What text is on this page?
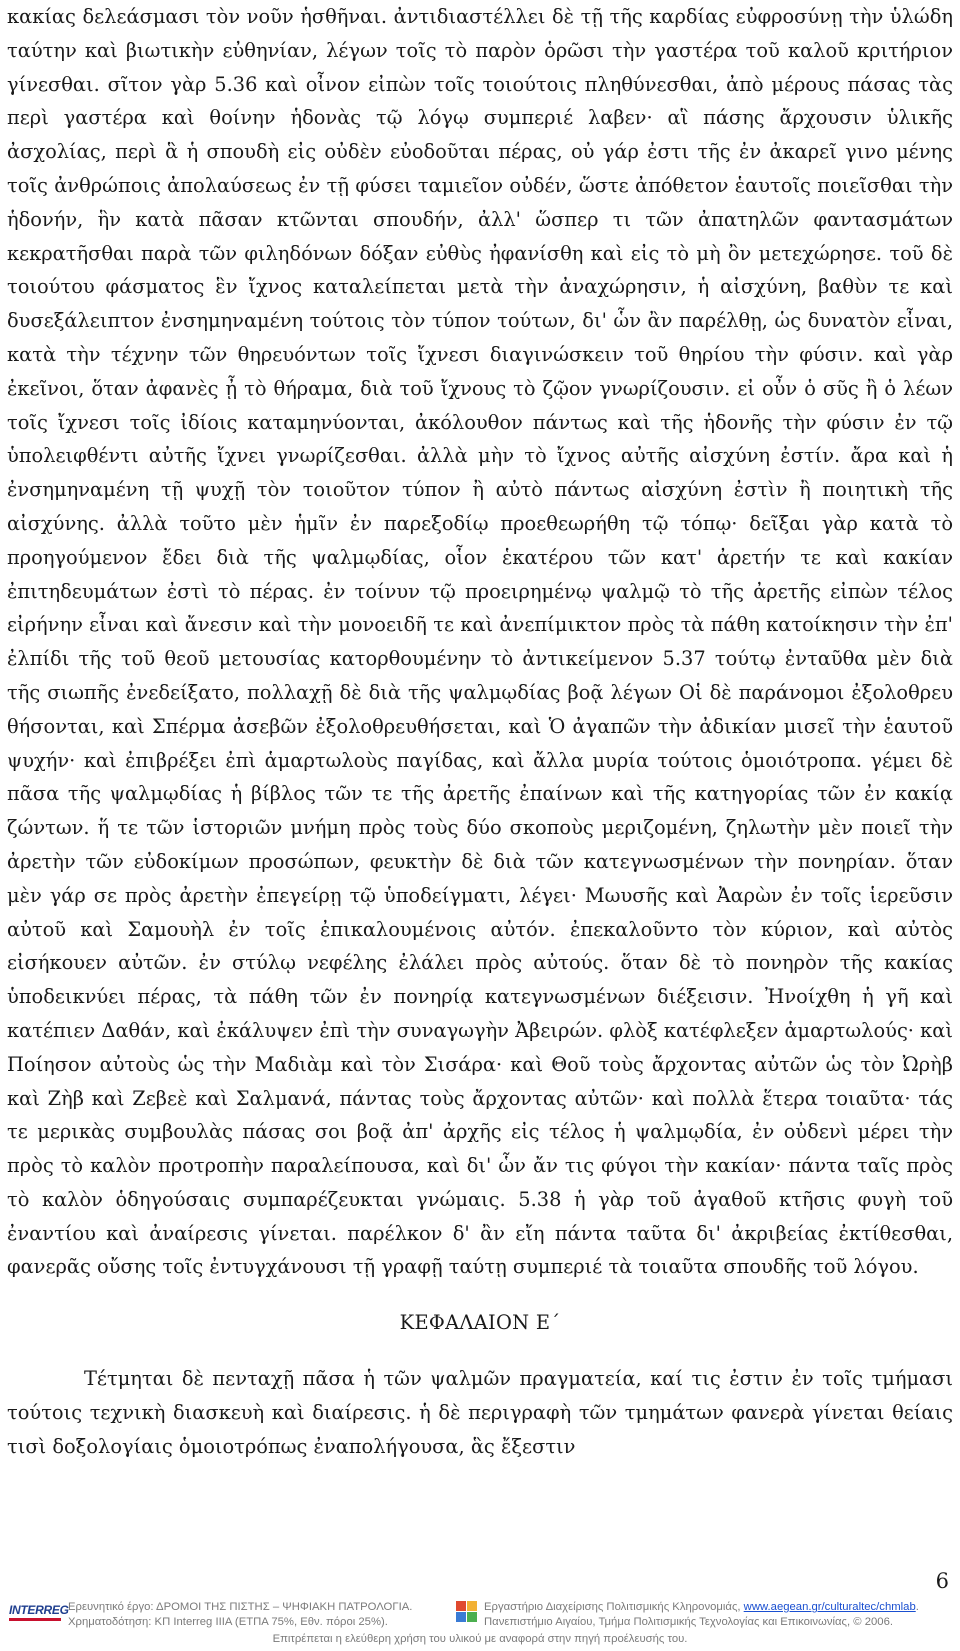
κακίας δελεάσμασι τὸν νοῦν ἡσθῆναι. ἀντιδιαστέλλει δὲ τῇ τῆς καρδίας εὐφροσύνῃ τὴν ὑλώδη ταύτην καὶ βιωτικὴν εὐθηνίαν, λέγων τοῖς τὸ παρὸν ὁρῶσι τὴν γαστέρα τοῦ καλοῦ κριτήριον γίνεσθαι. σῖτον γὰρ 5.36 καὶ οἶνον εἰπὼν τοῖς τοιούτοις πληθύνεσθαι, ἀπὸ μέρους πάσας τὰς περὶ γαστέρα καὶ θοίνην ἡδονὰς τῷ λόγῳ συμπεριέ λαβεν· αἳ πάσης ἄρχουσιν ὑλικῆς ἀσχολίας, περὶ ἃ ἡ σπουδὴ εἰς οὐδὲν εὐοδοῦται πέρας, οὐ γάρ ἐστι τῆς ἐν ἀκαρεῖ γινο μένης τοῖς ἀνθρώποις ἀπολαύσεως ἐν τῇ φύσει ταμιεῖον οὐδέν, ὥστε ἀπόθετον ἑαυτοῖς ποιεῖσθαι τὴν ἡδονήν, ἣν κατὰ πᾶσαν κτῶνται σπουδήν, ἀλλ' ὥσπερ τι τῶν ἀπατηλῶν φαντασμάτων κεκρατῆσθαι παρὰ τῶν φιληδόνων δόξαν εὐθὺς ἠφανίσθη καὶ εἰς τὸ μὴ ὂν μετεχώρησε. τοῦ δὲ τοιούτου φάσματος ἓν ἴχνος καταλείπεται μετὰ τὴν ἀναχώρησιν, ἡ αἰσχύνη, βαθὺν τε καὶ δυσεξάλειπτον ἐνσημηναμένη τούτοις τὸν τύπον τούτων, δι' ὧν ἂν παρέλθῃ, ὡς δυνατὸν εἶναι, κατὰ τὴν τέχνην τῶν θηρευόντων τοῖς ἴχνεσι διαγινώσκειν τοῦ θηρίου τὴν φύσιν. καὶ γὰρ ἐκεῖνοι, ὅταν ἀφανὲς ᾖ τὸ θήραμα, διὰ τοῦ ἴχνους τὸ ζῷον γνωρίζουσιν. εἰ οὖν ὁ σῦς ἢ ὁ λέων τοῖς ἴχνεσι τοῖς ἰδίοις καταμηνύονται, ἀκόλουθον πάντως καὶ τῆς ἡδονῆς τὴν φύσιν ἐν τῷ ὑπολειφθέντι αὐτῆς ἴχνει γνωρίζεσθαι. ἀλλὰ μὴν τὸ ἴχνος αὐτῆς αἰσχύνη ἐστίν. ἄρα καὶ ἡ ἐνσημηναμένη τῇ ψυχῇ τὸν τοιοῦτον τύπον ἢ αὐτὸ πάντως αἰσχύνη ἐστὶν ἢ ποιητικὴ τῆς αἰσχύνης. ἀλλὰ τοῦτο μὲν ἡμῖν ἐν παρεξοδίῳ προεθεωρήθη τῷ τόπῳ· δεῖξαι γὰρ κατὰ τὸ προηγούμενον ἔδει διὰ τῆς ψαλμῳδίας, οἷον ἑκατέρου τῶν κατ' ἀρετήν τε καὶ κακίαν ἐπιτηδευμάτων ἐστὶ τὸ πέρας. ἐν τοίνυν τῷ προειρημένῳ ψαλμῷ τὸ τῆς ἀρετῆς εἰπὼν τέλος εἰρήνην εἶναι καὶ ἄνεσιν καὶ τὴν μονοειδῆ τε καὶ ἀνεπίμικτον πρὸς τὰ πάθη κατοίκησιν τὴν ἐπ' ἐλπίδι τῆς τοῦ θεοῦ μετουσίας κατορθουμένην τὸ ἀντικείμενον 5.37 τούτῳ ἐνταῦθα μὲν διὰ τῆς σιωπῆς ἐνεδείξατο, πολλαχῇ δὲ διὰ τῆς ψαλμῳδίας βοᾷ λέγων Οἱ δὲ παράνομοι ἐξολοθρευ θήσονται, καὶ Σπέρμα ἀσεβῶν ἐξολοθρευθήσεται, καὶ Ὁ ἀγαπῶν τὴν ἀδικίαν μισεῖ τὴν ἑαυτοῦ ψυχήν· καὶ ἐπιβρέξει ἐπὶ ἁμαρτωλοὺς παγίδας, καὶ ἄλλα μυρία τούτοις ὁμοιότροπα. γέμει δὲ πᾶσα τῆς ψαλμῳδίας ἡ βίβλος τῶν τε τῆς ἀρετῆς ἐπαίνων καὶ τῆς κατηγορίας τῶν ἐν κακίᾳ ζώντων. ἥ τε τῶν ἱστοριῶν μνήμη πρὸς τοὺς δύο σκοποὺς μεριζομένη, ζηλωτὴν μὲν ποιεῖ τὴν ἀρετὴν τῶν εὐδοκίμων προσώπων, φευκτὴν δὲ διὰ τῶν κατεγνωσμένων τὴν πονηρίαν. ὅταν μὲν γάρ σε πρὸς ἀρετὴν ἐπεγείρῃ τῷ ὑποδείγματι, λέγει· Μωυσῆς καὶ Ἀαρὼν ἐν τοῖς ἱερεῦσιν αὐτοῦ καὶ Σαμουὴλ ἐν τοῖς ἐπικαλουμένοις αὐτόν. ἐπεκαλοῦντο τὸν κύριον, καὶ αὐτὸς εἰσήκουεν αὐτῶν. ἐν στύλῳ νεφέλης ἐλάλει πρὸς αὐτούς. ὅταν δὲ τὸ πονηρὸν τῆς κακίας ὑποδεικνύει πέρας, τὰ πάθη τῶν ἐν πονηρίᾳ κατεγνωσμένων διέξεισιν. Ἠνοίχθη ἡ γῆ καὶ κατέπιεν Δαθάν, καὶ ἐκάλυψεν ἐπὶ τὴν συναγωγὴν Ἀβειρών. φλὸξ κατέφλεξεν ἁμαρτωλούς· καὶ Ποίησον αὐτοὺς ὡς τὴν Μαδιὰμ καὶ τὸν Σισάρα· καὶ Θοῦ τοὺς ἄρχοντας αὐτῶν ὡς τὸν Ὠρὴβ καὶ Ζὴβ καὶ Ζεβεὲ καὶ Σαλμανά, πάντας τοὺς ἄρχοντας αὐτῶν· καὶ πολλὰ ἕτερα τοιαῦτα· τάς τε μερικὰς συμβουλὰς πάσας σοι βοᾷ ἀπ' ἀρχῆς εἰς τέλος ἡ ψαλμῳδία, ἐν οὐδενὶ μέρει τὴν πρὸς τὸ καλὸν προτροπὴν παραλείπουσα, καὶ δι' ὧν ἄν τις φύγοι τὴν κακίαν· πάντα ταῖς πρὸς τὸ καλὸν ὁδηγούσαις συμπαρέζευκται γνώμαις. 5.38 ἡ γὰρ τοῦ ἀγαθοῦ κτῆσις φυγὴ τοῦ ἐναντίου καὶ ἀναίρεσις γίνεται. παρέλκον δ' ἂν εἴη πάντα ταῦτα δι' ἀκριβείας ἐκτίθεσθαι, φανερᾶς οὔσης τοῖς ἐντυγχάνουσι τῇ γραφῇ ταύτῃ συμπεριέ τὰ τοιαῦτα σπουδῆς τοῦ λόγου.

ΚΕΦΑΛΑΙΟΝ Ε΄

Τέτμηται δὲ πενταχῇ πᾶσα ἡ τῶν ψαλμῶν πραγματεία, καί τις ἐστιν ἐν τοῖς τμήμασι τούτοις τεχνικὴ διασκευὴ καὶ διαίρεσις. ἡ δὲ περιγραφὴ τῶν τμημάτων φανερὰ γίνεται θείαις τισὶ δοξολογίαις ὁμοιοτρόπως ἐναπολήγουσα, ἃς ἔξεστιν

6
INTERREG Ερευνητικό έργο: ΔΡΟΜΟΙ ΤΗΣ ΠΙΣΤΗΣ – ΨΗΦΙΑΚΗ ΠΑΤΡΟΛΟΓΙΑ.
Χρηματοδότηση: ΚΠ Interreg IIIA (ΕΤΠΑ 75%, Εθν. πόροι 25%).
Εργαστήριο Διαχείρισης Πολιτισμικής Κληρονομιάς, www.aegean.gr/culturaltec/chmlab.
Πανεπιστήμιο Αιγαίου, Τμήμα Πολιτισμικής Τεχνολογίας και Επικοινωνίας, © 2006.
Επιτρέπεται η ελεύθερη χρήση του υλικού με αναφορά στην πηγή προέλευσής του.
